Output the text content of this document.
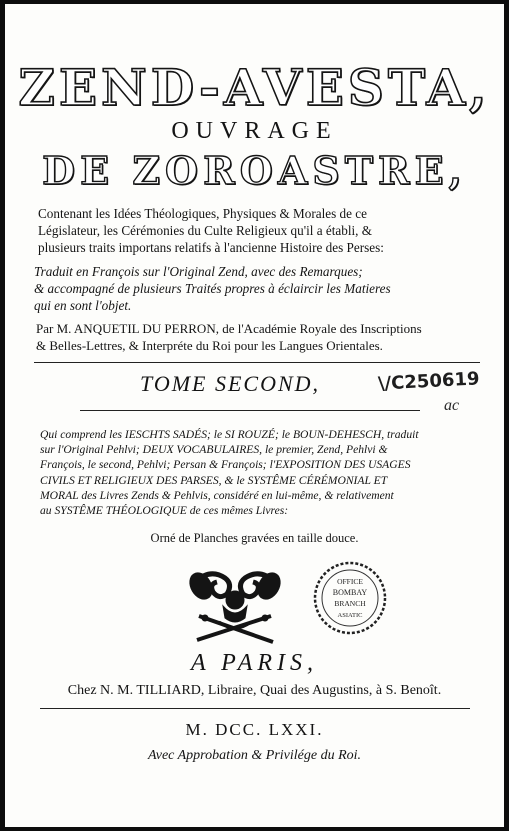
ZEND-AVESTA,
OUVRAGE
DE ZOROASTRE,
Contenant les Idées Théologiques, Physiques & Morales de ce
Législateur, les Cérémonies du Culte Religieux qu'il a établi, &
plusieurs traits importans relatifs à l'ancienne Histoire des Perses:
Traduit en François sur l'Original Zend, avec des Remarques;
& accompagné de plusieurs Traités propres à éclaircir les Matieres
qui en sont l'objet.
Par M. ANQUETIL DU PERRON, de l'Académie Royale des Inscriptions
& Belles-Lettres, & Interpréte du Roi pour les Langues Orientales.
TOME SECOND,	\/C250619
ac
Qui comprend les IESCHTS SADÉS; le SI ROUZÉ; le BOUN-DEHESCH, traduit
sur l'Original Pehlvi; DEUX VOCABULAIRES, le premier, Zend, Pehlvi &
François, le second, Pehlvi; Persan & François; l'EXPOSITION DES USAGES
CIVILS ET RELIGIEUX DES PARSES, & le SYSTÊME CÉRÉMONIAL ET
MORAL des Livres Zends & Pehlvis, considéré en lui-même, & relativement
au SYSTÊME THÉOLOGIQUE de ces mêmes Livres:
Orné de Planches gravées en taille douce.
OFFICE
BOMBAY
BRANCH
ASIATIC
A PARIS,
Chez N. M. TILLIARD, Libraire, Quai des Augustins, à S. Benoît.
M. DCC. LXXI.
Avec Approbation & Privilége du Roi.
